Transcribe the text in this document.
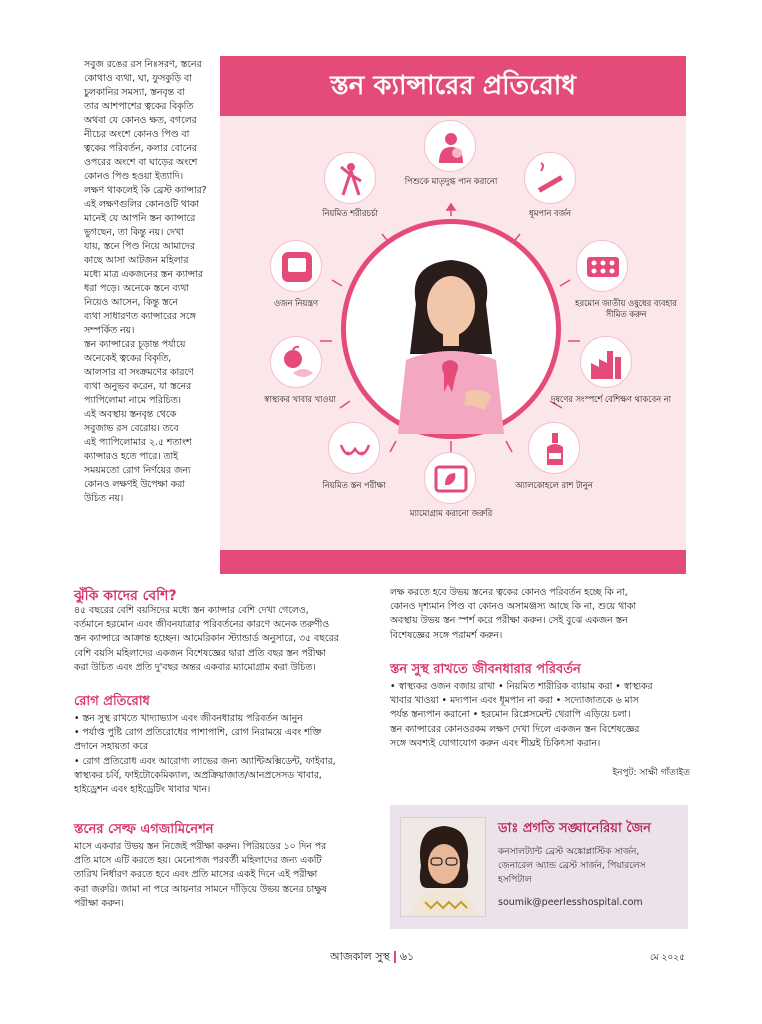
সবুজ রঙের রস নিঃসরণ, স্তনের
কোথাও ব্যথা, ঘা, ফুসকুড়ি বা
চুলকানির সমস্যা, স্তনবৃন্ত বা
তার আশপাশের ত্বকের বিকৃতি
অথবা যে কোনও ক্ষত, বগলের
নীচের অংশে কোনও পিণ্ড বা
ত্বকের পরিবর্তন, কলার বোনের
ওপরের অংশে বা ঘাড়ের অংশে
কোনও পিণ্ড হওয়া ইত্যাদি।
লক্ষণ থাকলেই কি ব্রেস্ট ক্যান্সার?
এই লক্ষণগুলির কোনওটি থাকা
মানেই যে আপনি স্তন ক্যান্সারে
ভুগছেন, তা কিন্তু নয়। দেখা
যায়, স্তনে পিণ্ড নিয়ে আমাদের
কাছে আসা আটজন মহিলার
মধ্যে মাত্র একজনের স্তন ক্যান্সার
ধরা পড়ে। অনেকে স্তনে ব্যথা
নিয়েও আসেন, কিন্তু স্তনে
ব্যথা সাধারণত ক্যান্সারের সঙ্গে
সম্পর্কিত নয়।
স্তন ক্যান্সারের চূড়ান্ত পর্যায়ে
অনেকেই ত্বকের বিকৃতি,
আলসার বা সংক্রমণের কারণে
ব্যথা অনুভব করেন, যা স্তনের
প্যাপিলোমা নামে পরিচিত।
এই অবস্থায় স্তনবৃন্ত থেকে
সবুজাভ রস বেরোয়। তবে
এই প্যাপিলোমার ২.৫ শতাংশ
ক্যান্সারও হতে পারে। তাই
সময়মতো রোগ নির্ণয়ের জন্য
কোনও লক্ষণই উপেক্ষা করা
উচিত নয়।
স্তন ক্যান্সারের প্রতিরোধ
পিশুকে মাতৃদুগ্ধ পান করানো
ধূমপান বর্জন
হরমোন জাতীয় ওষুধের ব্যবহার সীমিত করুন
দূষণের সংস্পর্শে বেশিক্ষণ থাকবেন না
অ্যালকোহলে রাশ টানুন
ম্যামোগ্রাম করানো জরুরি
নিয়মিত স্তন পরীক্ষা
স্বাস্থ্যকর খাবার খাওয়া
ওজন নিয়ন্ত্রণ
নিয়মিত শরীরচর্চা
ঝুঁকি কাদের বেশি?
৪৫ বছরের বেশি বয়সিদের মধ্যে স্তন ক্যান্সার বেশি দেখা গেলেও,
বর্তমানে হরমোন এবং জীবনযাত্রার পরিবর্তনের কারণে অনেক তরুণীও
স্তন ক্যান্সারে আক্রান্ত হচ্ছেন। আমেরিকান স্ট্যান্ডার্ড অনুসারে, ৩৫ বছরের
বেশি বয়সি মহিলাদের একজন বিশেষজ্ঞের দ্বারা প্রতি বছর স্তন পরীক্ষা
করা উচিত এবং প্রতি দু'বছর অন্তর একবার ম্যামোগ্রাম করা উচিত।
রোগ প্রতিরোধ
• স্তন সুস্থ রাখতে খাদ্যাভ্যাস এবং জীবনধারায় পরিবর্তন আনুন
• পর্যাপ্ত পুষ্টি রোগ প্রতিরোধের পাশাপাশি, রোগ নিরাময়ে এবং শক্তি
প্রদানে সহায়তা করে
• রোগ প্রতিরোধ এবং আরোগ্য লাভের জন্য অ্যান্টিঅক্সিডেন্ট, ফাইবার,
স্বাস্থ্যকর চর্বি, ফাইটোকেমিক্যাল, অপ্রক্রিয়াজাত/আনপ্রসেসড খাবার,
হাইড্রেশন এবং হাইড্রেটিং খাবার খান।
স্তনের সেল্ফ এগজামিনেশন
মাসে একবার উভয় স্তন নিজেই পরীক্ষা করুন। পিরিয়ডের ১০ দিন পর
প্রতি মাসে এটি করতে হয়। মেনোপজ পরবর্তী মহিলাদের জন্য একটি
তারিখ নির্ধারণ করতে হবে এবং প্রতি মাসের একই দিনে এই পরীক্ষা
করা জরুরি। জামা না পরে আয়নার সামনে দাঁড়িয়ে উভয় স্তনের চাক্ষুষ
পরীক্ষা করুন।
লক্ষ করতে হবে উভয় স্তনের ত্বকের কোনও পরিবর্তন হচ্ছে কি না,
কোনও দৃশ্যমান পিণ্ড বা কোনও অসামঞ্জস্য আছে কি না, শুয়ে থাকা
অবস্থায় উভয় স্তন স্পর্শ করে পরীক্ষা করুন। সেই বুঝে একজন স্তন
বিশেষজ্ঞের সঙ্গে পরামর্শ করুন।
স্তন সুস্থ রাখতে জীবনধারার পরিবর্তন
• স্বাস্থ্যকর ওজন বজায় রাখা • নিয়মিত শারীরিক ব্যায়াম করা • স্বাস্থ্যকর
খাবার খাওয়া • মদ্যপান এবং ধূমপান না করা • সদ্যোজাতকে ৬ মাস
পর্যন্ত স্তন্যপান করানো • হরমোন রিপ্লেসমেন্ট থেরাপি এড়িয়ে চলা।
স্তন ক্যান্সারের কোনওরকম লক্ষণ দেখা দিলে একজন স্তন বিশেষজ্ঞের
সঙ্গে অবশ্যই যোগাযোগ করুন এবং শীঘ্রই চিকিৎসা করান।
ইনপুট: সাক্ষী গাঁতাইত
ডাঃ প্রগতি সঙ্ঘানেরিয়া জৈন
কনসালট্যান্ট ব্রেস্ট অঙ্কোপ্লাস্টিক সার্জন,
জেনারেল অ্যান্ড ব্রেস্ট সার্জন, পিয়ারলেস
হসপিটাল
soumik@peerlesshospital.com
আজকাল সুস্থ ৬১	মে ২০২৫
